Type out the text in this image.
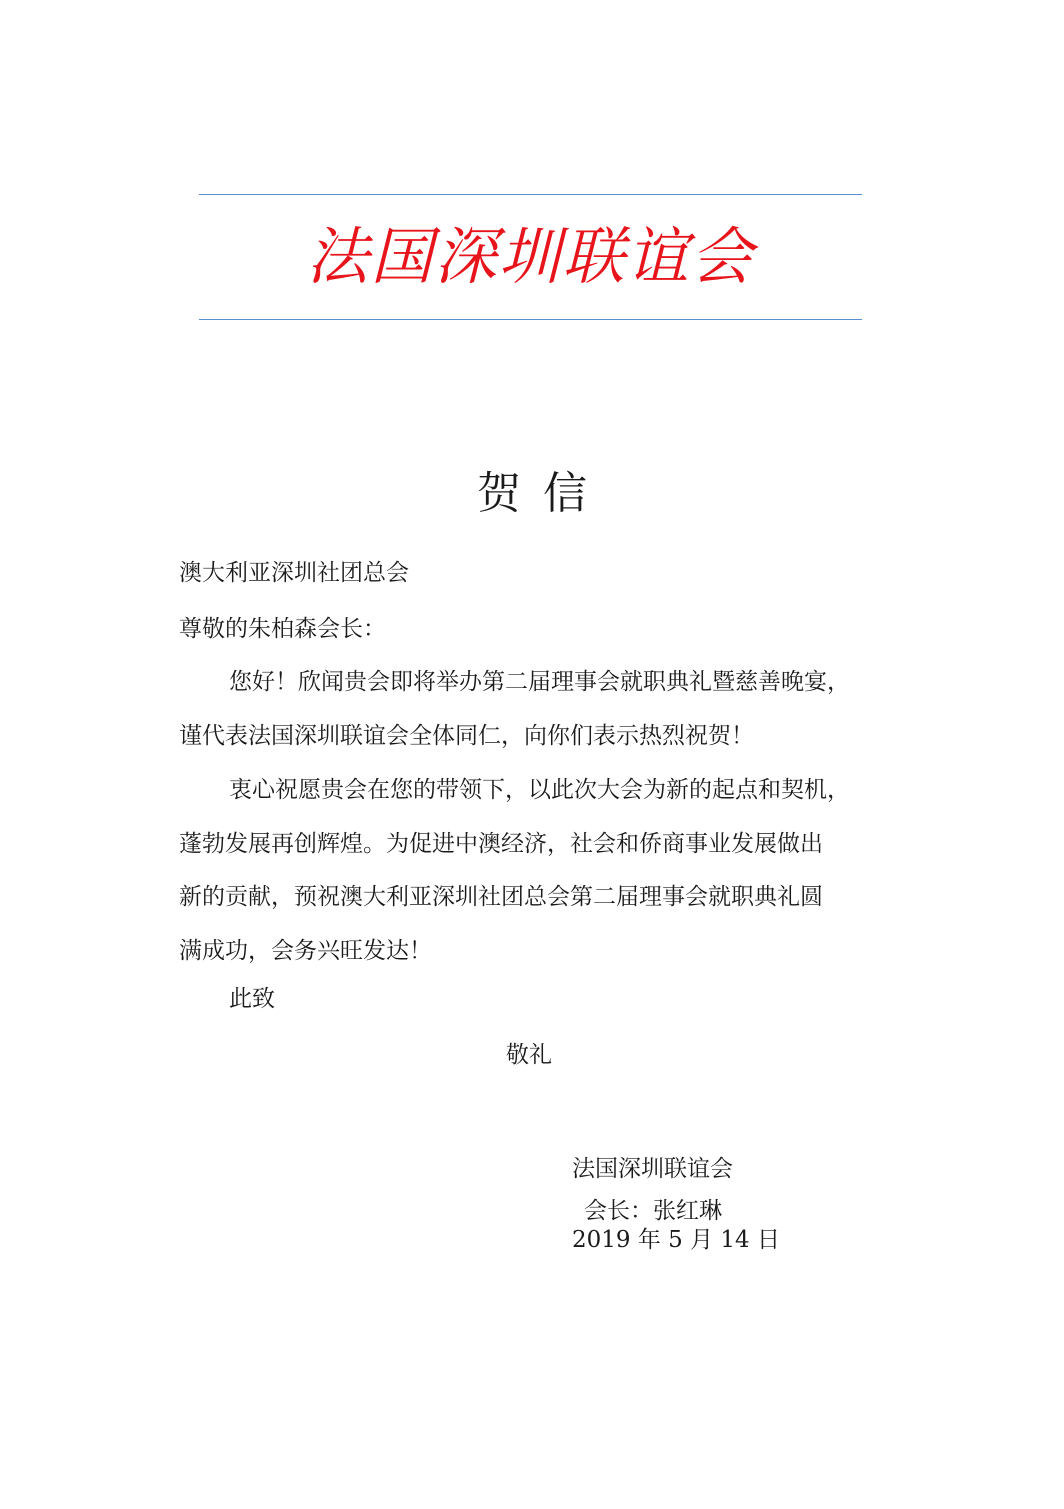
法国深圳联谊会
贺信
澳大利亚深圳社团总会
尊敬的朱柏森会长：
您好！欣闻贵会即将举办第二届理事会就职典礼暨慈善晚宴，
谨代表法国深圳联谊会全体同仁，向你们表示热烈祝贺！
衷心祝愿贵会在您的带领下，以此次大会为新的起点和契机，
蓬勃发展再创辉煌。为促进中澳经济，社会和侨商事业发展做出
新的贡献，预祝澳大利亚深圳社团总会第二届理事会就职典礼圆
满成功，会务兴旺发达！
此致
敬礼
法国深圳联谊会
会长：张红琳
2019 年 5 月 14 日
